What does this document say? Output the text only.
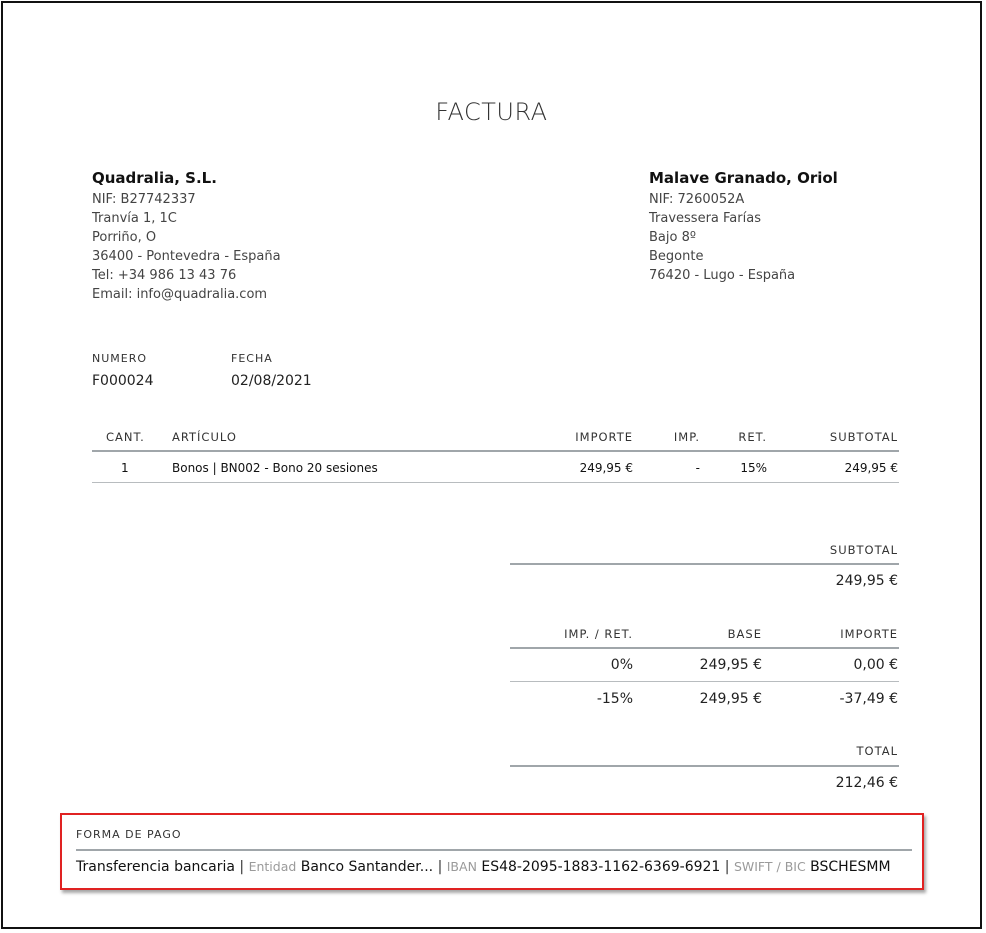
FACTURA
Quadralia, S.L.
NIF: B27742337
Tranvía 1, 1C
Porriño, O
36400 - Pontevedra - España
Tel: +34 986 13 43 76
Email: info@quadralia.com
Malave Granado, Oriol
NIF: 7260052A
Travessera Farías
Bajo 8º
Begonte
76420 - Lugo - España
NUMERO
F000024
FECHA
02/08/2021
CANT. ARTÍCULO	IMPORTE	IMP.	RET.	SUBTOTAL
1	Bonos | BN002 - Bono 20 sesiones	249,95 €	-	15%	249,95 €
SUBTOTAL
249,95 €
IMP. / RET.	BASE	IMPORTE
0%	249,95 €	0,00 €
-15%	249,95 €	-37,49 €
TOTAL
212,46 €
FORMA DE PAGO
Transferencia bancaria | Entidad Banco Santander... | IBAN ES48-2095-1883-1162-6369-6921 | SWIFT / BIC BSCHESMM
